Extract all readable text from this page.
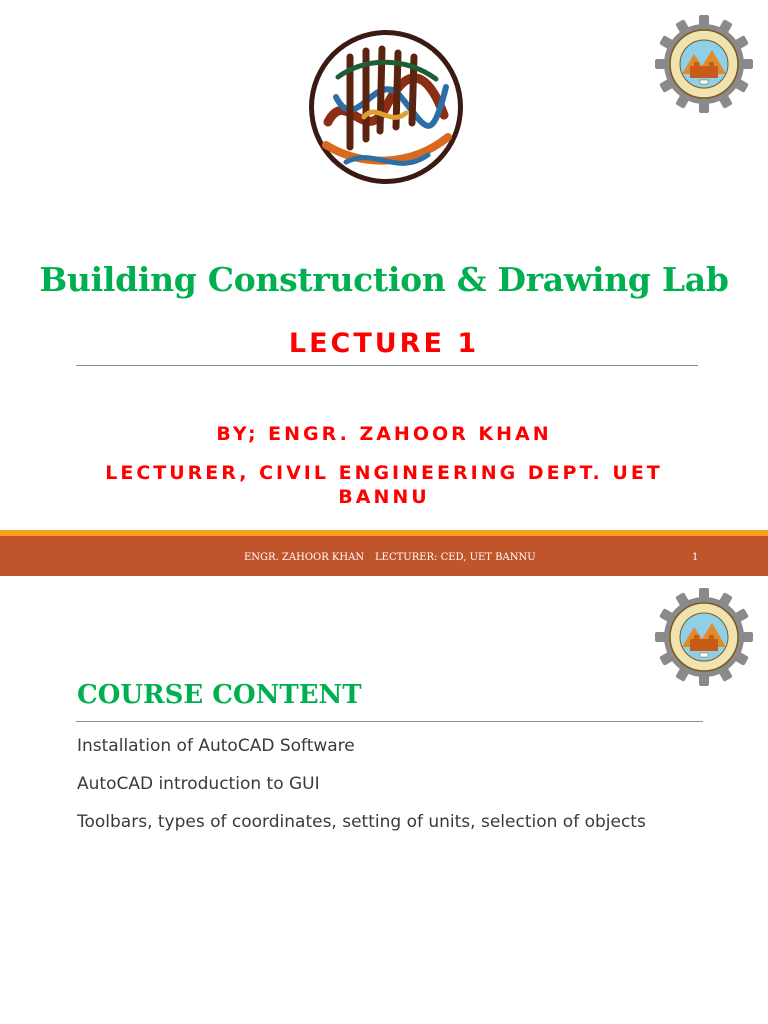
Building Construction & Drawing Lab
LECTURE 1
BY; ENGR. ZAHOOR KHAN
LECTURER, CIVIL ENGINEERING DEPT. UET BANNU
ENGR. ZAHOOR KHAN LECTURER: CED, UET BANNU	1
COURSE CONTENT
Installation of AutoCAD Software
AutoCAD introduction to GUI
Toolbars, types of coordinates, setting of units, selection of objects
